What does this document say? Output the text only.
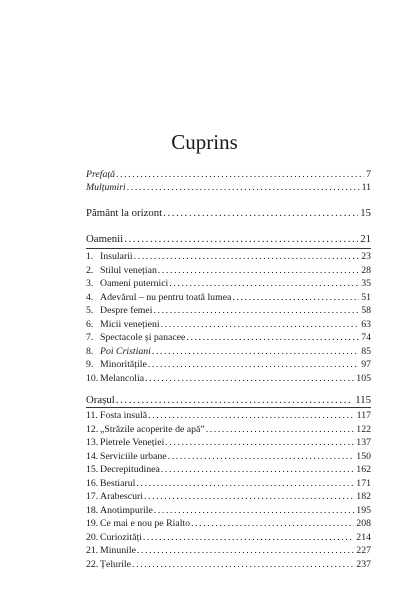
Cuprins
Prefață .....	7
Mulțumiri .....	11
Pământ la orizont .....	15
Oamenii .....	21
1. Insularii .....	23
2. Stilul venețian .....	28
3. Oameni puternici .....	35
4. Adevărul – nu pentru toată lumea .....	51
5. Despre femei .....	58
6. Micii venețieni .....	63
7. Spectacole și panacee .....	74
8. Poi Cristiani .....	85
9. Minoritățile .....	97
10. Melancolia .....	105
Orașul .....	115
11. Fosta insulă .....	117
12. „Străzile acoperite de apă” .....	122
13. Pietrele Veneției .....	137
14. Serviciile urbane .....	150
15. Decrepitudinea .....	162
16. Bestiarul .....	171
17. Arabescuri .....	182
18. Anotimpurile .....	195
19. Ce mai e nou pe Rialto .....	208
20. Curiozități .....	214
21. Minunile .....	227
22. Țelurile .....	237
